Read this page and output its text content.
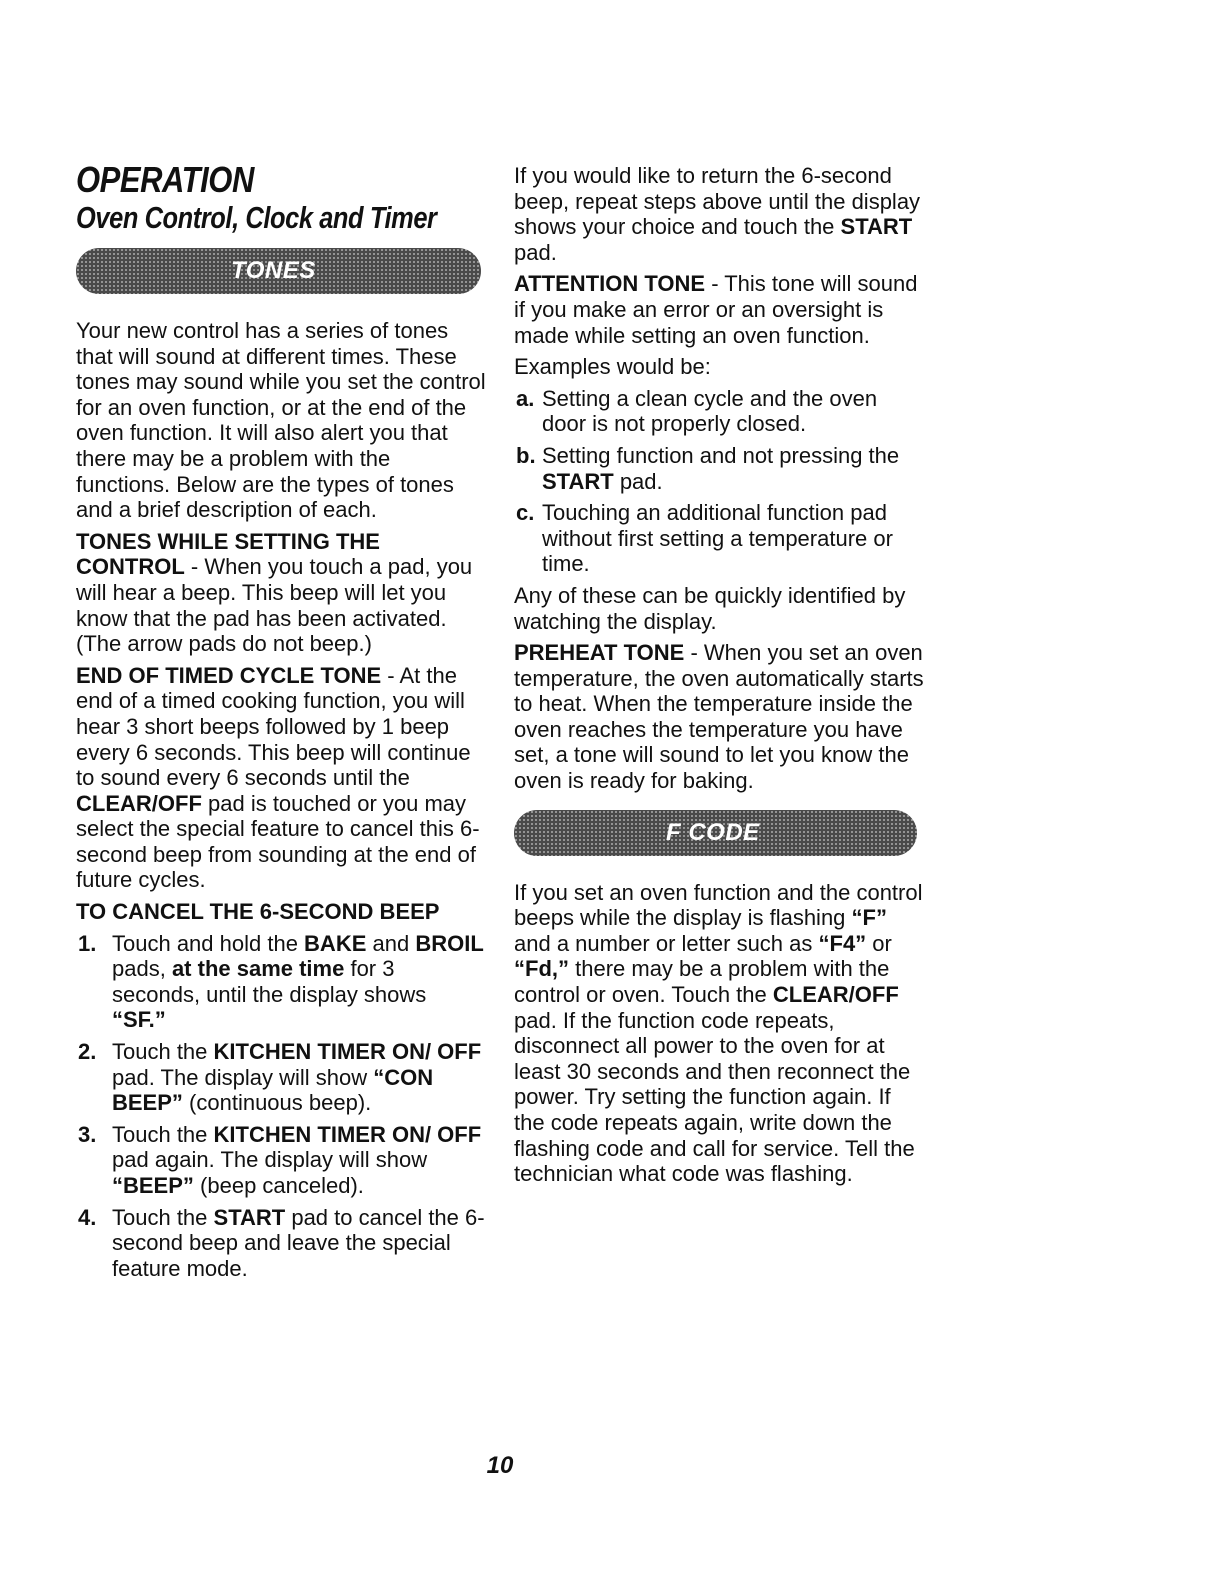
OPERATION
Oven Control, Clock and Timer
TONES

Your new control has a series of tones that will sound at different times. These tones may sound while you set the control for an oven function, or at the end of the oven function. It will also alert you that there may be a problem with the functions. Below are the types of tones and a brief description of each.

TONES WHILE SETTING THE CONTROL - When you touch a pad, you will hear a beep. This beep will let you know that the pad has been activated. (The arrow pads do not beep.)

END OF TIMED CYCLE TONE - At the end of a timed cooking function, you will hear 3 short beeps followed by 1 beep every 6 seconds. This beep will continue to sound every 6 seconds until the CLEAR/OFF pad is touched or you may select the special feature to cancel this 6-second beep from sounding at the end of future cycles.

TO CANCEL THE 6-SECOND BEEP

1. Touch and hold the BAKE and BROIL pads, at the same time for 3 seconds, until the display shows “SF.”
2. Touch the KITCHEN TIMER ON/ OFF pad. The display will show “CON BEEP” (continuous beep).
3. Touch the KITCHEN TIMER ON/ OFF pad again. The display will show “BEEP” (beep canceled).
4. Touch the START pad to cancel the 6-second beep and leave the special feature mode.

If you would like to return the 6-second beep, repeat steps above until the display shows your choice and touch the START pad.

ATTENTION TONE - This tone will sound if you make an error or an oversight is made while setting an oven function.

Examples would be:

a. Setting a clean cycle and the oven door is not properly closed.
b. Setting function and not pressing the START pad.
c. Touching an additional function pad without first setting a temperature or time.

Any of these can be quickly identified by watching the display.

PREHEAT TONE - When you set an oven temperature, the oven automatically starts to heat. When the temperature inside the oven reaches the temperature you have set, a tone will sound to let you know the oven is ready for baking.

F CODE

If you set an oven function and the control beeps while the display is flashing “F” and a number or letter such as “F4” or “Fd,” there may be a problem with the control or oven. Touch the CLEAR/OFF pad. If the function code repeats, disconnect all power to the oven for at least 30 seconds and then reconnect the power. Try setting the function again. If the code repeats again, write down the flashing code and call for service. Tell the technician what code was flashing.

10
